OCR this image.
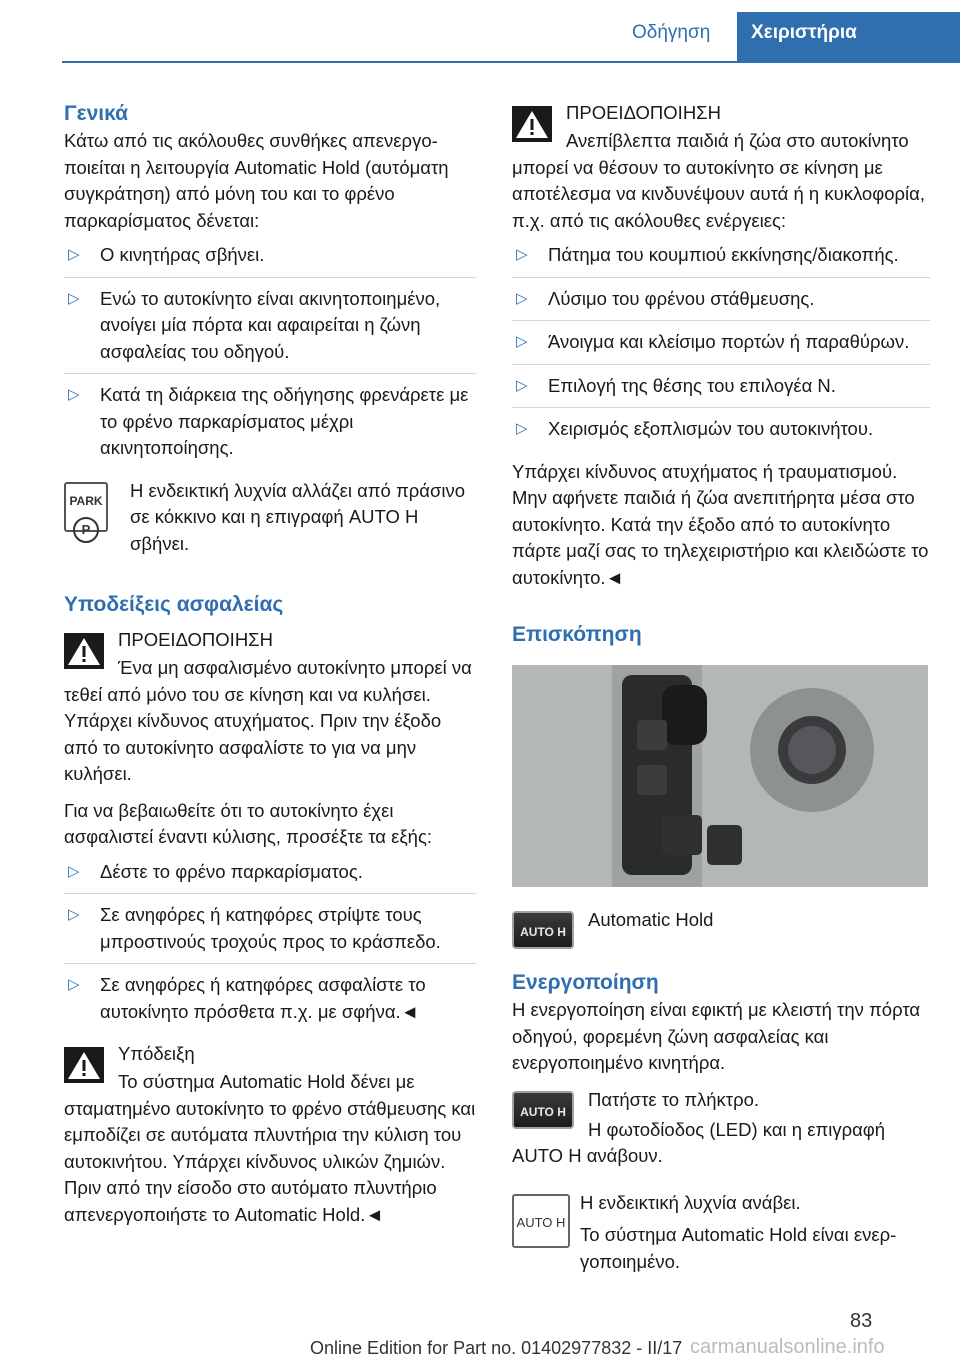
Οδήγηση	Χειριστήρια
Γενικά

Κάτω από τις ακόλουθες συνθήκες απενεργοποιείται η λειτουργία Automatic Hold (αυτόματη συγκράτηση) από μόνη του και το φρένο παρκαρίσματος δένεται:

▷ Ο κινητήρας σβήνει.
▷ Ενώ το αυτοκίνητο είναι ακινητοποιημένο, ανοίγει μία πόρτα και αφαιρείται η ζώνη ασφαλείας του οδηγού.
▷ Κατά τη διάρκεια της οδήγησης φρενάρετε με το φρένο παρκαρίσματος μέχρι ακινητοποίησης.
PARK
P

Η ενδεικτική λυχνία αλλάζει από πράσινο σε κόκκινο και η επιγραφή AUTO H σβήνει.

Υποδείξεις ασφαλείας

ΠΡΟΕΙΔΟΠΟΙΗΣΗ

Ένα μη ασφαλισμένο αυτοκίνητο μπορεί να τεθεί από μόνο του σε κίνηση και να κυλήσει. Υπάρχει κίνδυνος ατυχήματος. Πριν την έξοδο από το αυτοκίνητο ασφαλίστε το για να μην κυλήσει.

Για να βεβαιωθείτε ότι το αυτοκίνητο έχει ασφαλιστεί έναντι κύλισης, προσέξτε τα εξής:

▷ Δέστε το φρένο παρκαρίσματος.
▷ Σε ανηφόρες ή κατηφόρες στρίψτε τους μπροστινούς τροχούς προς το κράσπεδο.
▷ Σε ανηφόρες ή κατηφόρες ασφαλίστε το αυτοκίνητο πρόσθετα π.χ. με σφήνα.◄

Υπόδειξη

Το σύστημα Automatic Hold δένει με σταματημένο αυτοκίνητο το φρένο στάθμευσης και εμποδίζει σε αυτόματα πλυντήρια την κύλιση του αυτοκινήτου. Υπάρχει κίνδυνος υλικών ζημιών. Πριν από την είσοδο στο αυτόματο πλυντήριο απενεργοποιήστε το Automatic Hold.◄

ΠΡΟΕΙΔΟΠΟΙΗΣΗ

Ανεπίβλεπτα παιδιά ή ζώα στο αυτοκίνητο μπορεί να θέσουν το αυτοκίνητο σε κίνηση με αποτέλεσμα να κινδυνέψουν αυτά ή η κυκλοφορία, π.χ. από τις ακόλουθες ενέργειες:

▷ Πάτημα του κουμπιού εκκίνησης/διακοπής.
▷ Λύσιμο του φρένου στάθμευσης.
▷ Άνοιγμα και κλείσιμο πορτών ή παραθύρων.
▷ Επιλογή της θέσης του επιλογέα N.
▷ Χειρισμός εξοπλισμών του αυτοκινήτου.

Υπάρχει κίνδυνος ατυχήματος ή τραυματισμού. Μην αφήνετε παιδιά ή ζώα ανεπιτήρητα μέσα στο αυτοκίνητο. Κατά την έξοδο από το αυτοκίνητο πάρτε μαζί σας το τηλεχειριστήριο και κλειδώστε το αυτοκίνητο.◄

Επισκόπηση
AUTO H

Automatic Hold

Ενεργοποίηση

Η ενεργοποίηση είναι εφικτή με κλειστή την πόρτα οδηγού, φορεμένη ζώνη ασφαλείας και ενεργοποιημένο κινητήρα.

AUTO H

Πατήστε το πλήκτρο.

Η φωτοδίοδος (LED) και η επιγραφή AUTO H ανάβουν.

AUTO H

Η ενδεικτική λυχνία ανάβει.

Το σύστημα Automatic Hold είναι ενεργοποιημένο.

83
Online Edition for Part no. 01402977832 - II/17 carmanualsonline.info
